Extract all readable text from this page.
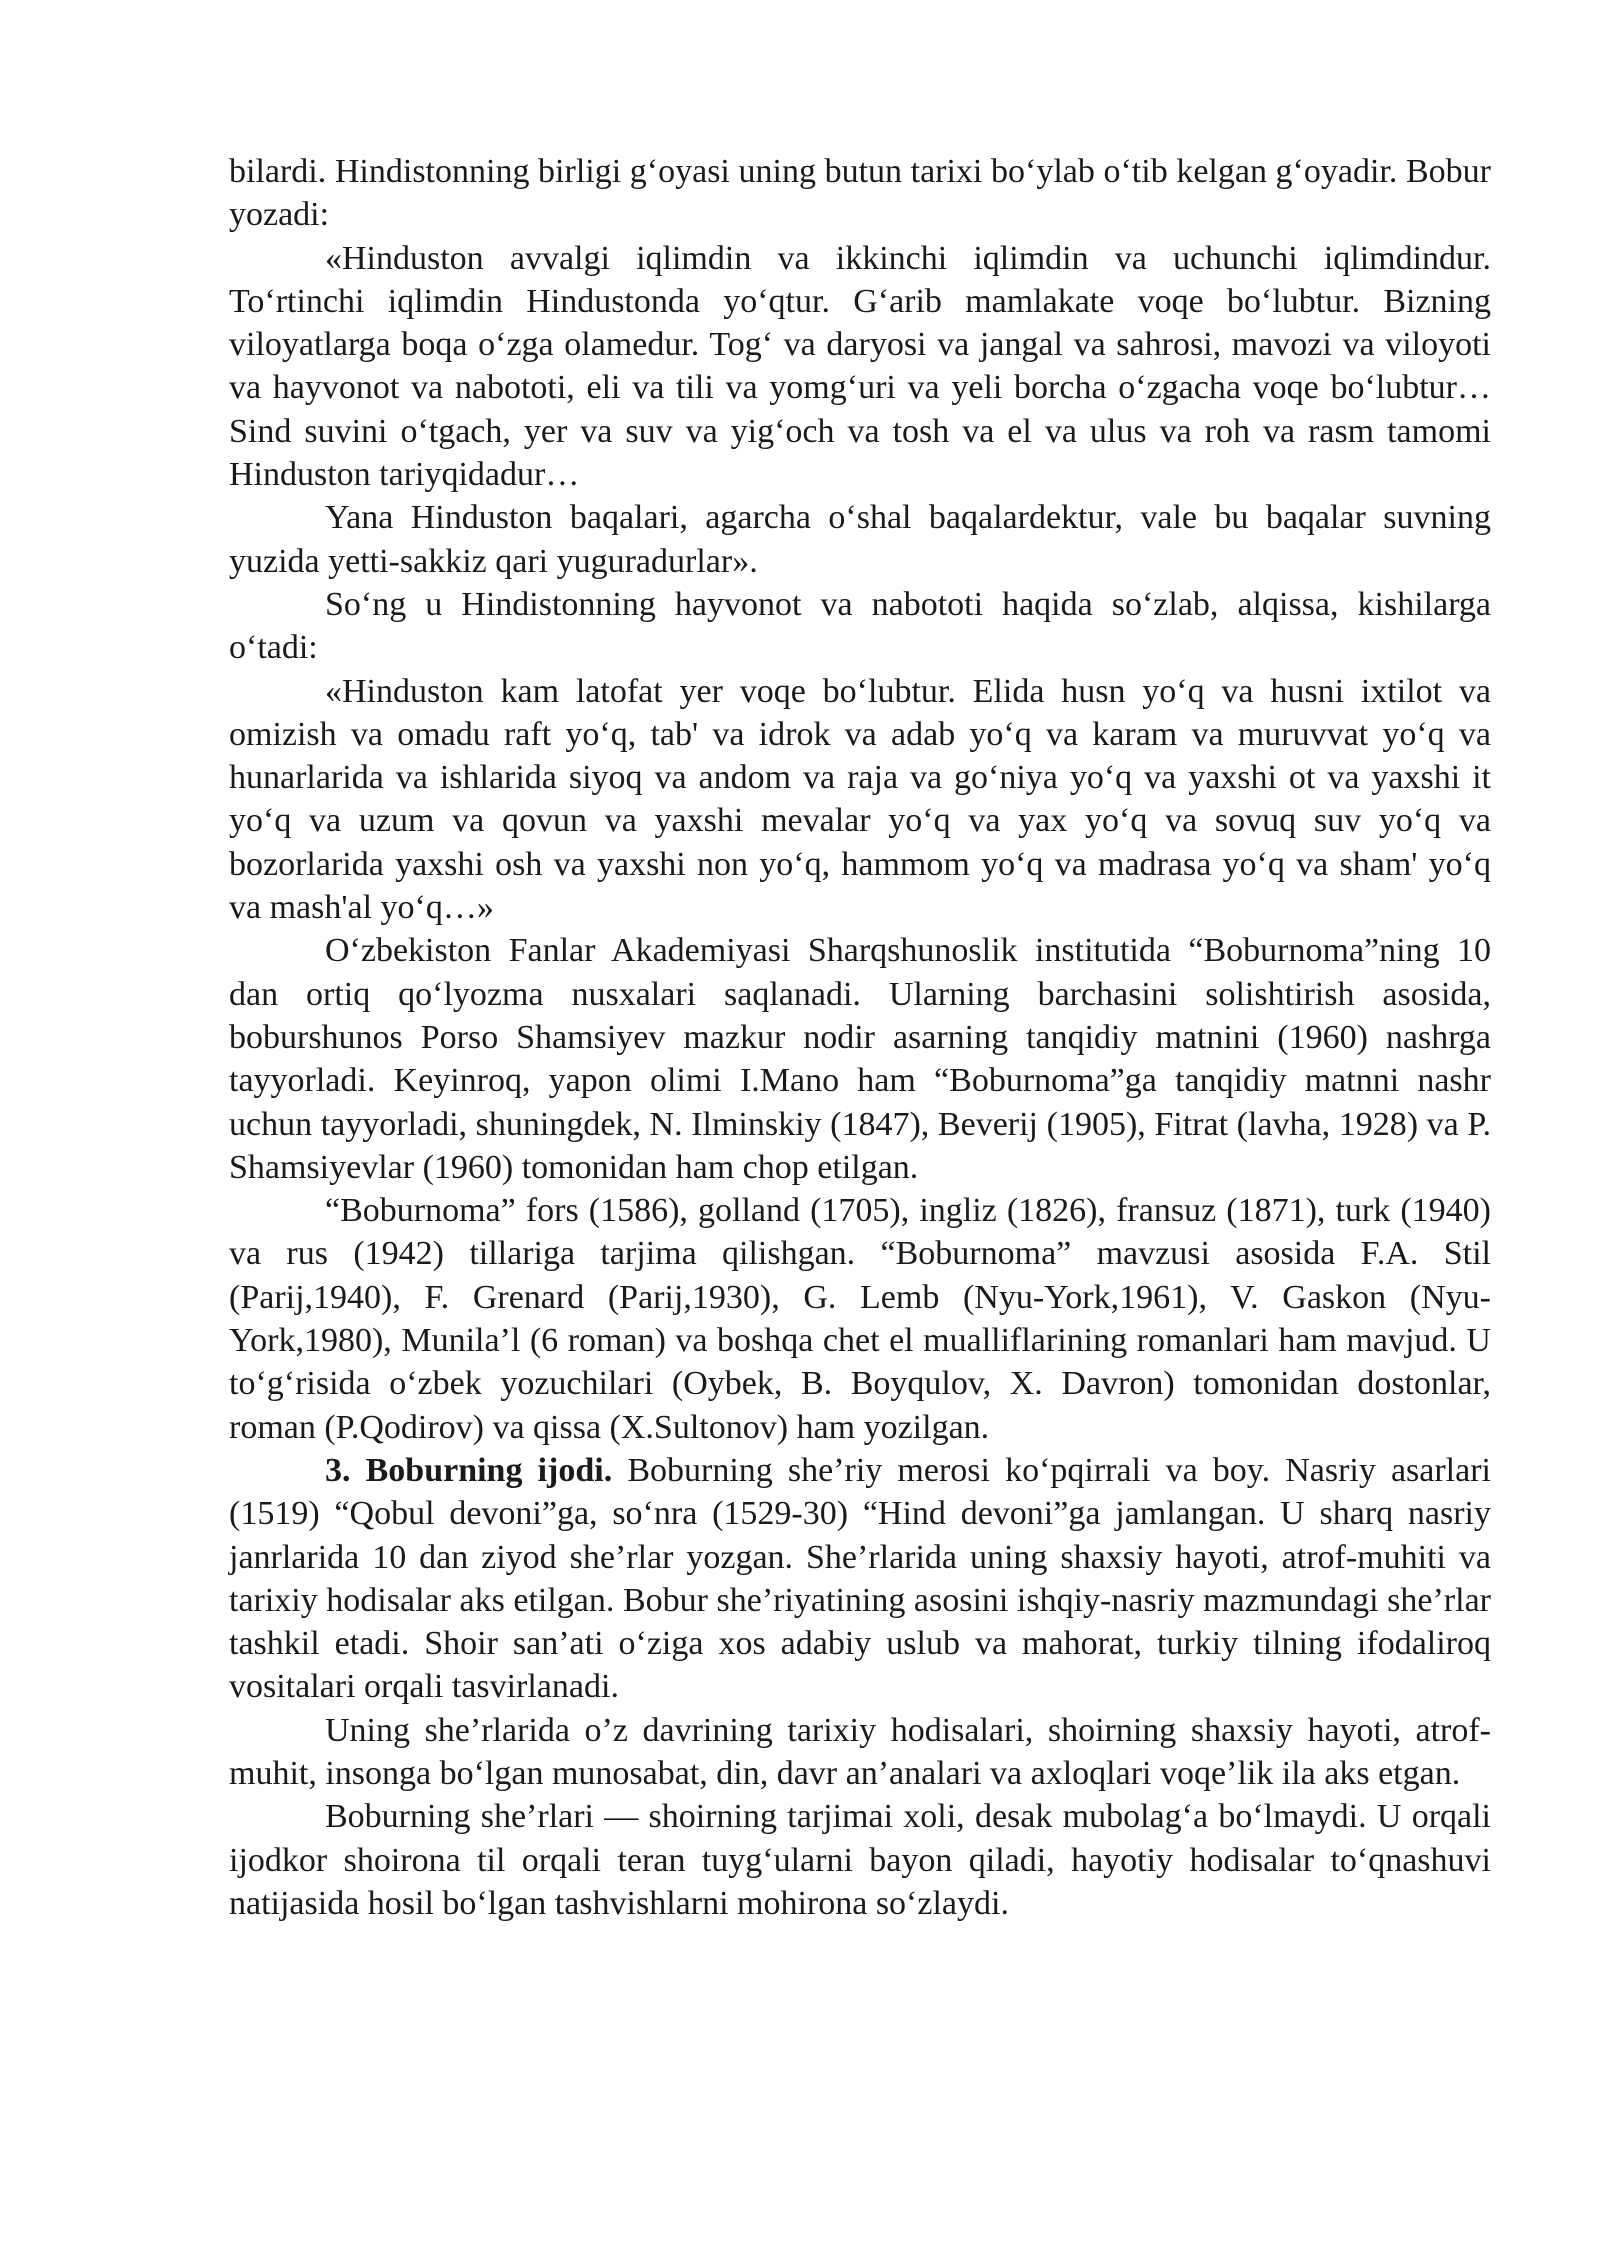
bilardi. Hindistonning birligi g‘oyasi uning butun tarixi bo‘ylab o‘tib kelgan g‘oyadir. Bobur yozadi:

«Hinduston avvalgi iqlimdin va ikkinchi iqlimdin va uchunchi iqlimdindur. To‘rtinchi iqlimdin Hindustonda yo‘qtur. G‘arib mamlakate voqe bo‘lubtur. Bizning viloyatlarga boqa o‘zga olamedur. Tog‘ va daryosi va jangal va sahrosi, mavozi va viloyoti va hayvonot va nabototi, eli va tili va yomg‘uri va yeli borcha o‘zgacha voqe bo‘lubtur… Sind suvini o‘tgach, yer va suv va yig‘och va tosh va el va ulus va roh va rasm tamomi Hinduston tariyqidadur…

Yana Hinduston baqalari, agarcha o‘shal baqalardektur, vale bu baqalar suvning yuzida yetti-sakkiz qari yuguradurlar».

So‘ng u Hindistonning hayvonot va nabototi haqida so‘zlab, alqissa, kishilarga o‘tadi:

«Hinduston kam latofat yer voqe bo‘lubtur. Elida husn yo‘q va husni ixtilot va omizish va omadu raft yo‘q, tab' va idrok va adab yo‘q va karam va muruvvat yo‘q va hunarlarida va ishlarida siyoq va andom va raja va go‘niya yo‘q va yaxshi ot va yaxshi it yo‘q va uzum va qovun va yaxshi mevalar yo‘q va yax yo‘q va sovuq suv yo‘q va bozorlarida yaxshi osh va yaxshi non yo‘q, hammom yo‘q va madrasa yo‘q va sham' yo‘q va mash'al yo‘q…»

O‘zbekiston Fanlar Akademiyasi Sharqshunoslik institutida “Boburnoma”ning 10 dan ortiq qo‘lyozma nusxalari saqlanadi. Ularning barchasini solishtirish asosida, boburshunos Porso Shamsiyev mazkur nodir asarning tanqidiy matnini (1960) nashrga tayyorladi. Keyinroq, yapon olimi I.Mano ham “Boburnoma”ga tanqidiy matnni nashr uchun tayyorladi, shuningdek, N. Ilminskiy (1847), Beverij (1905), Fitrat (lavha, 1928) va P. Shamsiyevlar (1960) tomonidan ham chop etilgan.

“Boburnoma” fors (1586), golland (1705), ingliz (1826), fransuz (1871), turk (1940) va rus (1942) tillariga tarjima qilishgan. “Boburnoma” mavzusi asosida F.A. Stil (Parij,1940), F. Grenard (Parij,1930), G. Lemb (Nyu-York,1961), V. Gaskon (Nyu-York,1980), Munila’l (6 roman) va boshqa chet el mualliflarining romanlari ham mavjud. U to‘g‘risida o‘zbek yozuchilari (Oybek, B. Boyqulov, X. Davron) tomonidan dostonlar, roman (P.Qodirov) va qissa (X.Sultonov) ham yozilgan.

3. Boburning ijodi. Boburning she’riy merosi ko‘pqirrali va boy. Nasriy asarlari (1519) “Qobul devoni”ga, so‘nra (1529-30) “Hind devoni”ga jamlangan. U sharq nasriy janrlarida 10 dan ziyod she’rlar yozgan. She’rlarida uning shaxsiy hayoti, atrof-muhiti va tarixiy hodisalar aks etilgan. Bobur she’riyatining asosini ishqiy-nasriy mazmundagi she’rlar tashkil etadi. Shoir san’ati o‘ziga xos adabiy uslub va mahorat, turkiy tilning ifodaliroq vositalari orqali tasvirlanadi.

Uning she’rlarida o’z davrining tarixiy hodisalari, shoirning shaxsiy hayoti, atrof-muhit, insonga bo‘lgan munosabat, din, davr an’analari va axloqlari voqe’lik ila aks etgan.

Boburning she’rlari — shoirning tarjimai xoli, desak mubolag‘a bo‘lmaydi. U orqali ijodkor shoirona til orqali teran tuyg‘ularni bayon qiladi, hayotiy hodisalar to‘qnashuvi natijasida hosil bo‘lgan tashvishlarni mohirona so‘zlaydi.
